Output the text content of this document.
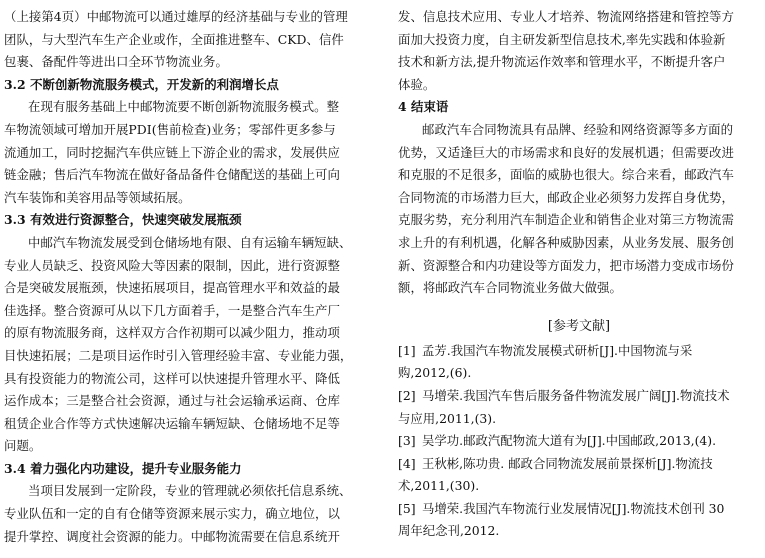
（上接第4页）中邮物流可以通过雄厚的经济基础与专业的管理
团队，与大型汽车生产企业或作，全面推进整车、CKD、信件
包裹、备配件等进出口全环节物流业务。
3.2 不断创新物流服务模式，开发新的利润增长点
在现有服务基础上中邮物流要不断创新物流服务模式。整
车物流领域可增加开展PDI(售前检查)业务；零部件更多参与
流通加工，同时挖掘汽车供应链上下游企业的需求，发展供应
链金融；售后汽车物流在做好备品备件仓储配送的基础上可向
汽车装饰和美容用品等领域拓展。
3.3 有效进行资源整合，快速突破发展瓶颈
中邮汽车物流发展受到仓储场地有限、自有运输车辆短缺、
专业人员缺乏、投资风险大等因素的限制，因此，进行资源整
合是突破发展瓶颈，快速拓展项目，提高管理水平和效益的最
佳选择。整合资源可从以下几方面着手，一是整合汽车生产厂
的原有物流服务商，这样双方合作初期可以减少阻力，推动项
目快速拓展；二是项目运作时引入管理经验丰富、专业能力强，
具有投资能力的物流公司，这样可以快速提升管理水平、降低
运作成本；三是整合社会资源，通过与社会运输承运商、仓库
租赁企业合作等方式快速解决运输车辆短缺、仓储场地不足等
问题。
3.4 着力强化内功建设，提升专业服务能力
当项目发展到一定阶段，专业的管理就必须依托信息系统、
专业队伍和一定的自有仓储等资源来展示实力，确立地位，以
提升掌控、调度社会资源的能力。中邮物流需要在信息系统开
发、信息技术应用、专业人才培养、物流网络搭建和管控等方
面加大投资力度，自主研发新型信息技术,率先实践和体验新
技术和新方法,提升物流运作效率和管理水平，不断提升客户
体验。
4 结束语
邮政汽车合同物流具有品牌、经验和网络资源等多方面的
优势，又适逢巨大的市场需求和良好的发展机遇；但需要改进
和克服的不足很多，面临的威胁也很大。综合来看，邮政汽车
合同物流的市场潜力巨大，邮政企业必须努力发挥自身优势，
克服劣势，充分利用汽车制造企业和销售企业对第三方物流需
求上升的有利机遇，化解各种威胁因素，从业务发展、服务创
新、资源整合和内功建设等方面发力，把市场潜力变成市场份
额，将邮政汽车合同物流业务做大做强。
[参考文献]
[1] 孟芳.我国汽车物流发展模式研析[J].中国物流与采
购,2012,(6).
[2] 马增荣.我国汽车售后服务备件物流发展广阔[J].物流技术
与应用,2011,(3).
[3] 吴学功.邮政汽配物流大道有为[J].中国邮政,2013,(4).
[4] 王秋彬,陈功贵. 邮政合同物流发展前景探析[J].物流技
术,2011,(30).
[5] 马增荣.我国汽车物流行业发展情况[J].物流技术创刊 30
周年纪念刊,2012.
